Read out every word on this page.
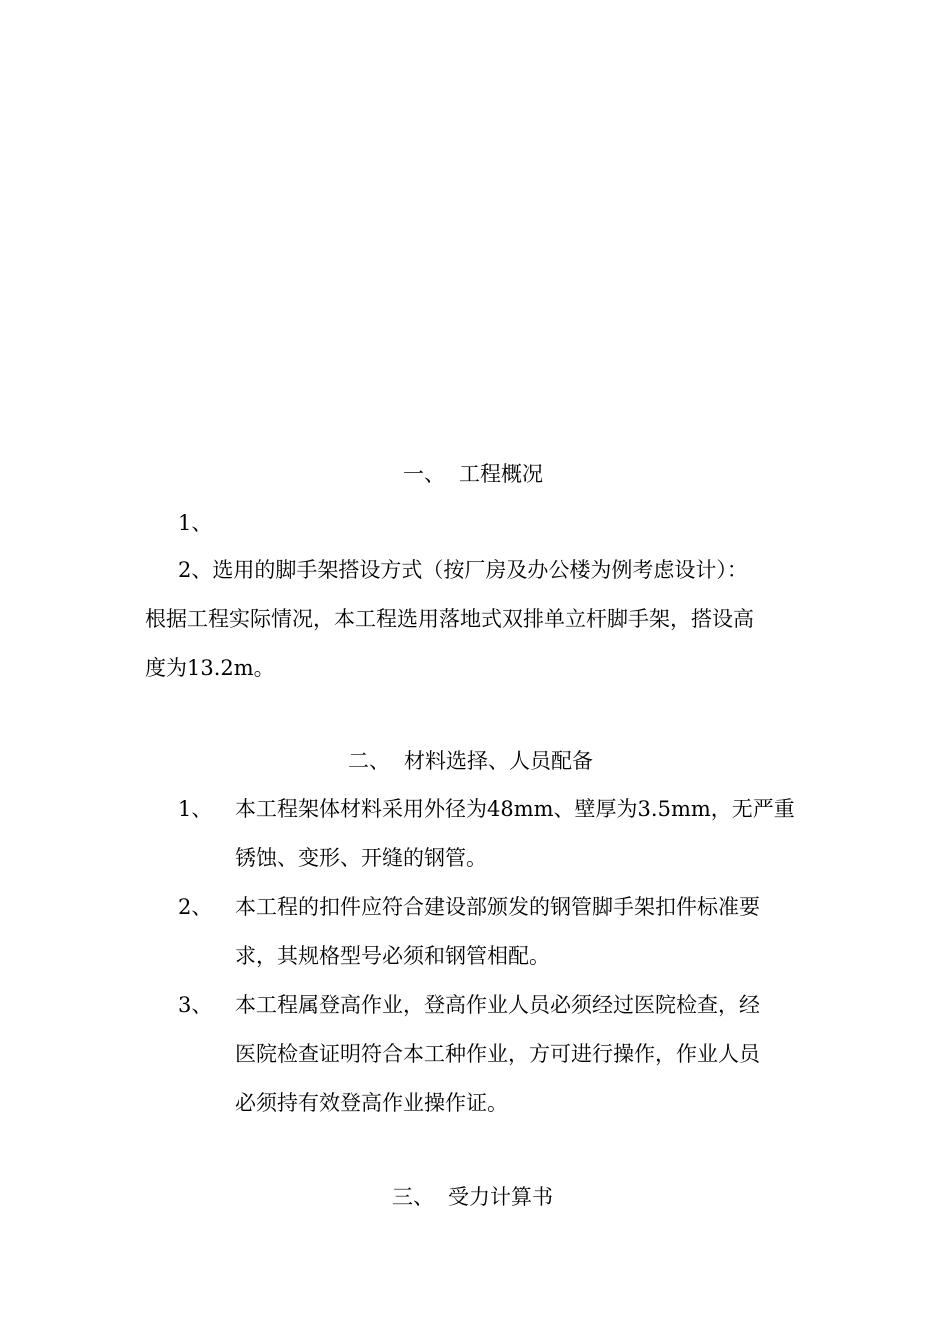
一、 工程概况
1、
2、选用的脚手架搭设方式（按厂房及办公楼为例考虑设计）：
根据工程实际情况，本工程选用落地式双排单立杆脚手架，搭设高
度为13.2m。
二、 材料选择、人员配备
1、 本工程架体材料采用外径为48mm、壁厚为3.5mm，无严重
锈蚀、变形、开缝的钢管。
2、 本工程的扣件应符合建设部颁发的钢管脚手架扣件标准要
求，其规格型号必须和钢管相配。
3、 本工程属登高作业，登高作业人员必须经过医院检查，经
医院检查证明符合本工种作业，方可进行操作，作业人员
必须持有效登高作业操作证。
三、 受力计算书
